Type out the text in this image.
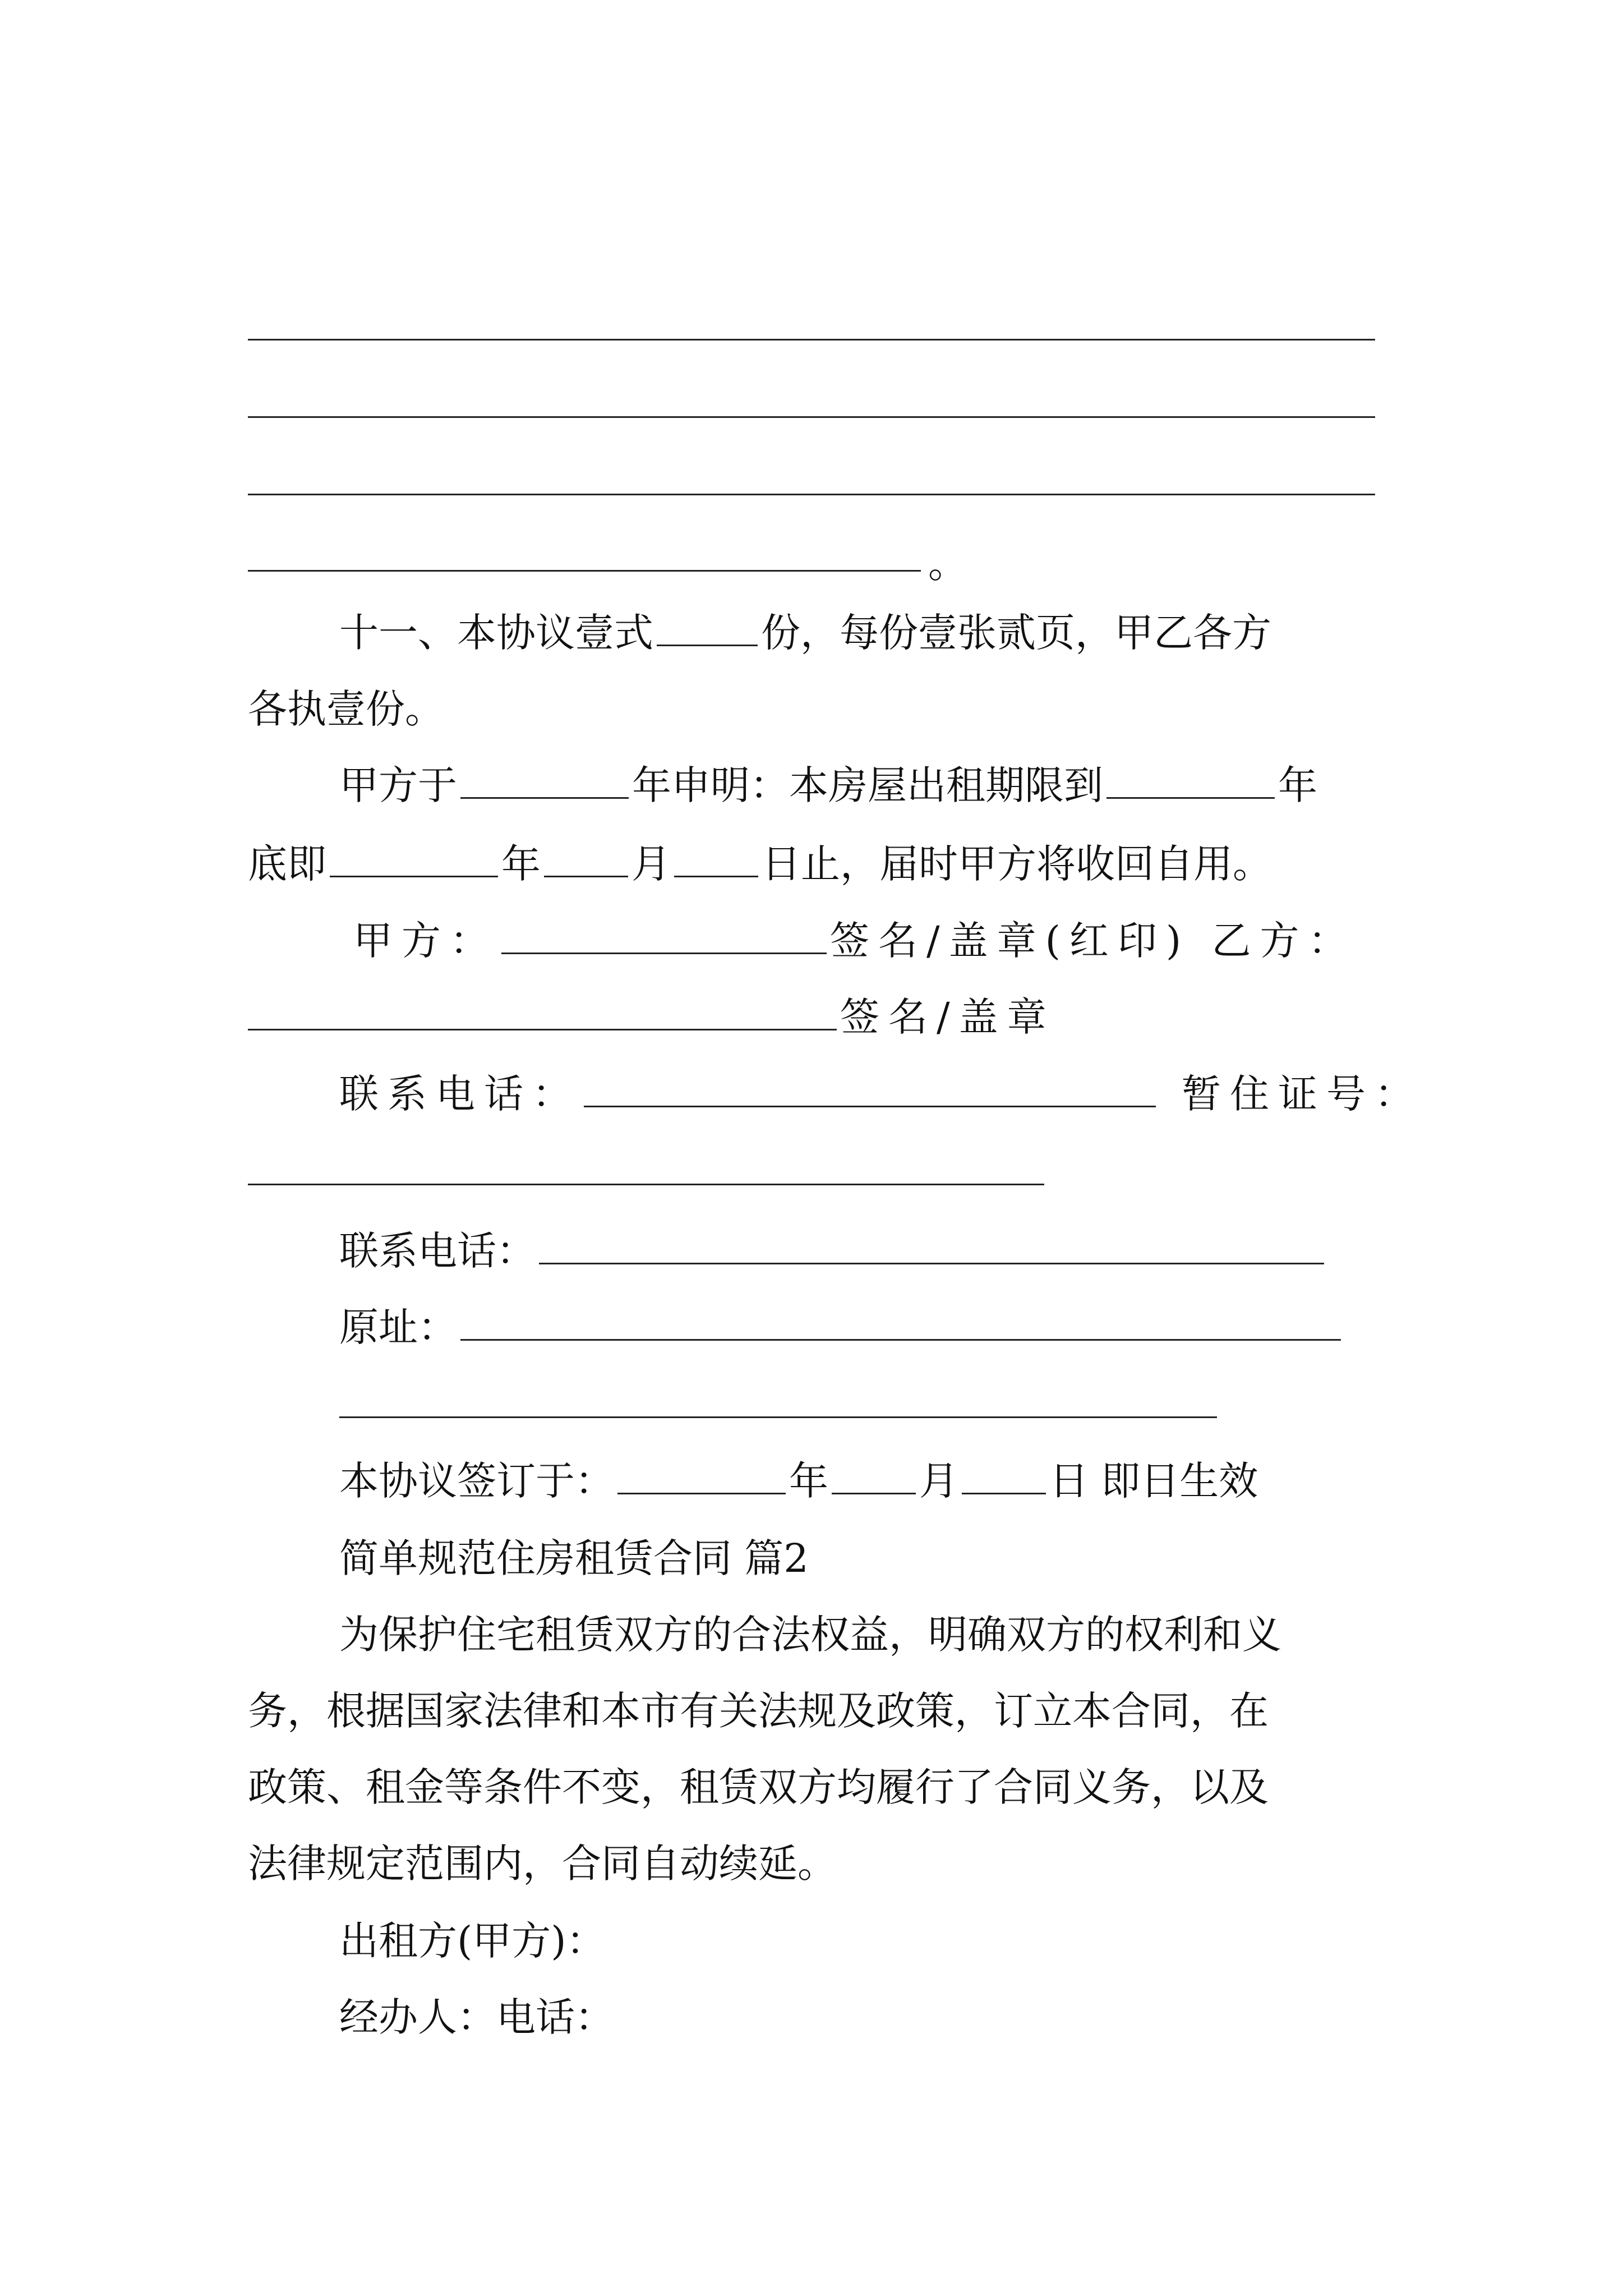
。
十一、本协议壹式	份，每份壹张贰页，甲乙各方
各执壹份。
甲方于	年申明：本房屋出租期限到	年
底即	年 月 日止，届时甲方将收回自用。
甲方：	签名/盖章(红印) 乙方：
签名/盖章
联系电话：	暂住证号：
联系电话：
原址：
本协议签订于：	年 月 日 即日生效
简单规范住房租赁合同 篇2
为保护住宅租赁双方的合法权益，明确双方的权利和义
务，根据国家法律和本市有关法规及政策，订立本合同，在
政策、租金等条件不变，租赁双方均履行了合同义务，以及
法律规定范围内，合同自动续延。
出租方(甲方)：
经办人：电话：
